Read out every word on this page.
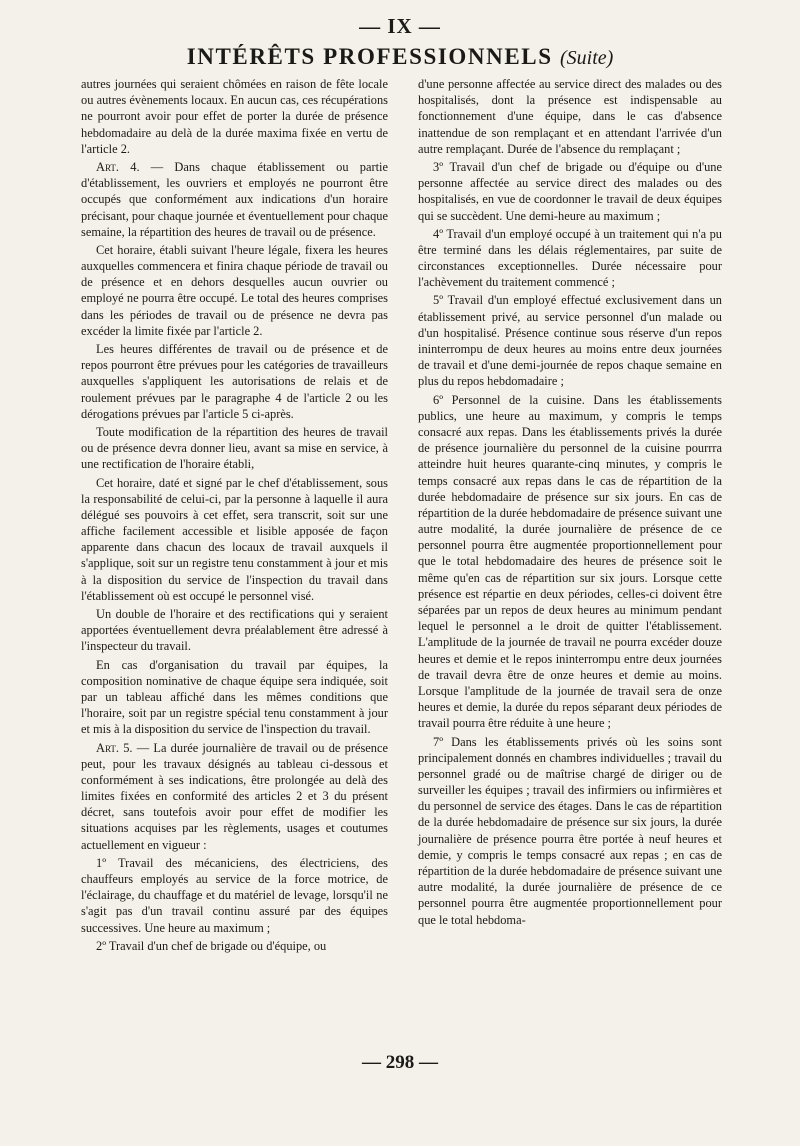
— IX —
INTÉRÊTS PROFESSIONNELS (Suite)

autres journées qui seraient chômées en raison de fête locale ou autres évènements locaux. En aucun cas, ces récupérations ne pourront avoir pour effet de porter la durée de présence hebdomadaire au delà de la durée maxima fixée en vertu de l'article 2.

Art. 4. — Dans chaque établissement ou partie d'établissement, les ouvriers et employés ne pourront être occupés que conformément aux indications d'un horaire précisant, pour chaque journée et éventuellement pour chaque semaine, la répartition des heures de travail ou de présence.

Cet horaire, établi suivant l'heure légale, fixera les heures auxquelles commencera et finira chaque période de travail ou de présence et en dehors desquelles aucun ouvrier ou employé ne pourra être occupé. Le total des heures comprises dans les périodes de travail ou de présence ne devra pas excéder la limite fixée par l'article 2.

Les heures différentes de travail ou de présence et de repos pourront être prévues pour les catégories de travailleurs auxquelles s'appliquent les autorisations de relais et de roulement prévues par le paragraphe 4 de l'article 2 ou les dérogations prévues par l'article 5 ci-après.

Toute modification de la répartition des heures de travail ou de présence devra donner lieu, avant sa mise en service, à une rectification de l'horaire établi,

Cet horaire, daté et signé par le chef d'établissement, sous la responsabilité de celui-ci, par la personne à laquelle il aura délégué ses pouvoirs à cet effet, sera transcrit, soit sur une affiche facilement accessible et lisible apposée de façon apparente dans chacun des locaux de travail auxquels il s'applique, soit sur un registre tenu constamment à jour et mis à la disposition du service de l'inspection du travail dans l'établissement où est occupé le personnel visé.

Un double de l'horaire et des rectifications qui y seraient apportées éventuellement devra préalablement être adressé à l'inspecteur du travail.

En cas d'organisation du travail par équipes, la composition nominative de chaque équipe sera indiquée, soit par un tableau affiché dans les mêmes conditions que l'horaire, soit par un registre spécial tenu constamment à jour et mis à la disposition du service de l'inspection du travail.

Art. 5. — La durée journalière de travail ou de présence peut, pour les travaux désignés au tableau ci-dessous et conformément à ses indications, être prolongée au delà des limites fixées en conformité des articles 2 et 3 du présent décret, sans toutefois avoir pour effet de modifier les situations acquises par les règlements, usages et coutumes actuellement en vigueur :

1º Travail des mécaniciens, des électriciens, des chauffeurs employés au service de la force motrice, de l'éclairage, du chauffage et du matériel de levage, lorsqu'il ne s'agit pas d'un travail continu assuré par des équipes successives. Une heure au maximum ;

2º Travail d'un chef de brigade ou d'équipe, ou

d'une personne affectée au service direct des malades ou des hospitalisés, dont la présence est indispensable au fonctionnement d'une équipe, dans le cas d'absence inattendue de son remplaçant et en attendant l'arrivée d'un autre remplaçant. Durée de l'absence du remplaçant ;

3º Travail d'un chef de brigade ou d'équipe ou d'une personne affectée au service direct des malades ou des hospitalisés, en vue de coordonner le travail de deux équipes qui se succèdent. Une demi-heure au maximum ;

4º Travail d'un employé occupé à un traitement qui n'a pu être terminé dans les délais réglementaires, par suite de circonstances exceptionnelles. Durée nécessaire pour l'achèvement du traitement commencé ;

5º Travail d'un employé effectué exclusivement dans un établissement privé, au service personnel d'un malade ou d'un hospitalisé. Présence continue sous réserve d'un repos ininterrompu de deux heures au moins entre deux journées de travail et d'une demi-journée de repos chaque semaine en plus du repos hebdomadaire ;

6º Personnel de la cuisine. Dans les établissements publics, une heure au maximum, y compris le temps consacré aux repas. Dans les établissements privés la durée de présence journalière du personnel de la cuisine pourrra atteindre huit heures quarante-cinq minutes, y compris le temps consacré aux repas dans le cas de répartition de la durée hebdomadaire de présence sur six jours. En cas de répartition de la durée hebdomadaire de présence suivant une autre modalité, la durée journalière de présence de ce personnel pourra être augmentée proportionnellement pour que le total hebdomadaire des heures de présence soit le même qu'en cas de répartition sur six jours. Lorsque cette présence est répartie en deux périodes, celles-ci doivent être séparées par un repos de deux heures au minimum pendant lequel le personnel a le droit de quitter l'établissement. L'amplitude de la journée de travail ne pourra excéder douze heures et demie et le repos ininterrompu entre deux journées de travail devra être de onze heures et demie au moins. Lorsque l'amplitude de la journée de travail sera de onze heures et demie, la durée du repos séparant deux périodes de travail pourra être réduite à une heure ;

7º Dans les établissements privés où les soins sont principalement donnés en chambres individuelles ; travail du personnel gradé ou de maîtrise chargé de diriger ou de surveiller les équipes ; travail des infirmiers ou infirmières et du personnel de service des étages. Dans le cas de répartition de la durée hebdomadaire de présence sur six jours, la durée journalière de présence pourra être portée à neuf heures et demie, y compris le temps consacré aux repas ; en cas de répartition de la durée hebdomadaire de présence suivant une autre modalité, la durée journalière de présence de ce personnel pourra être augmentée proportionnellement pour que le total hebdoma-

— 298 —
